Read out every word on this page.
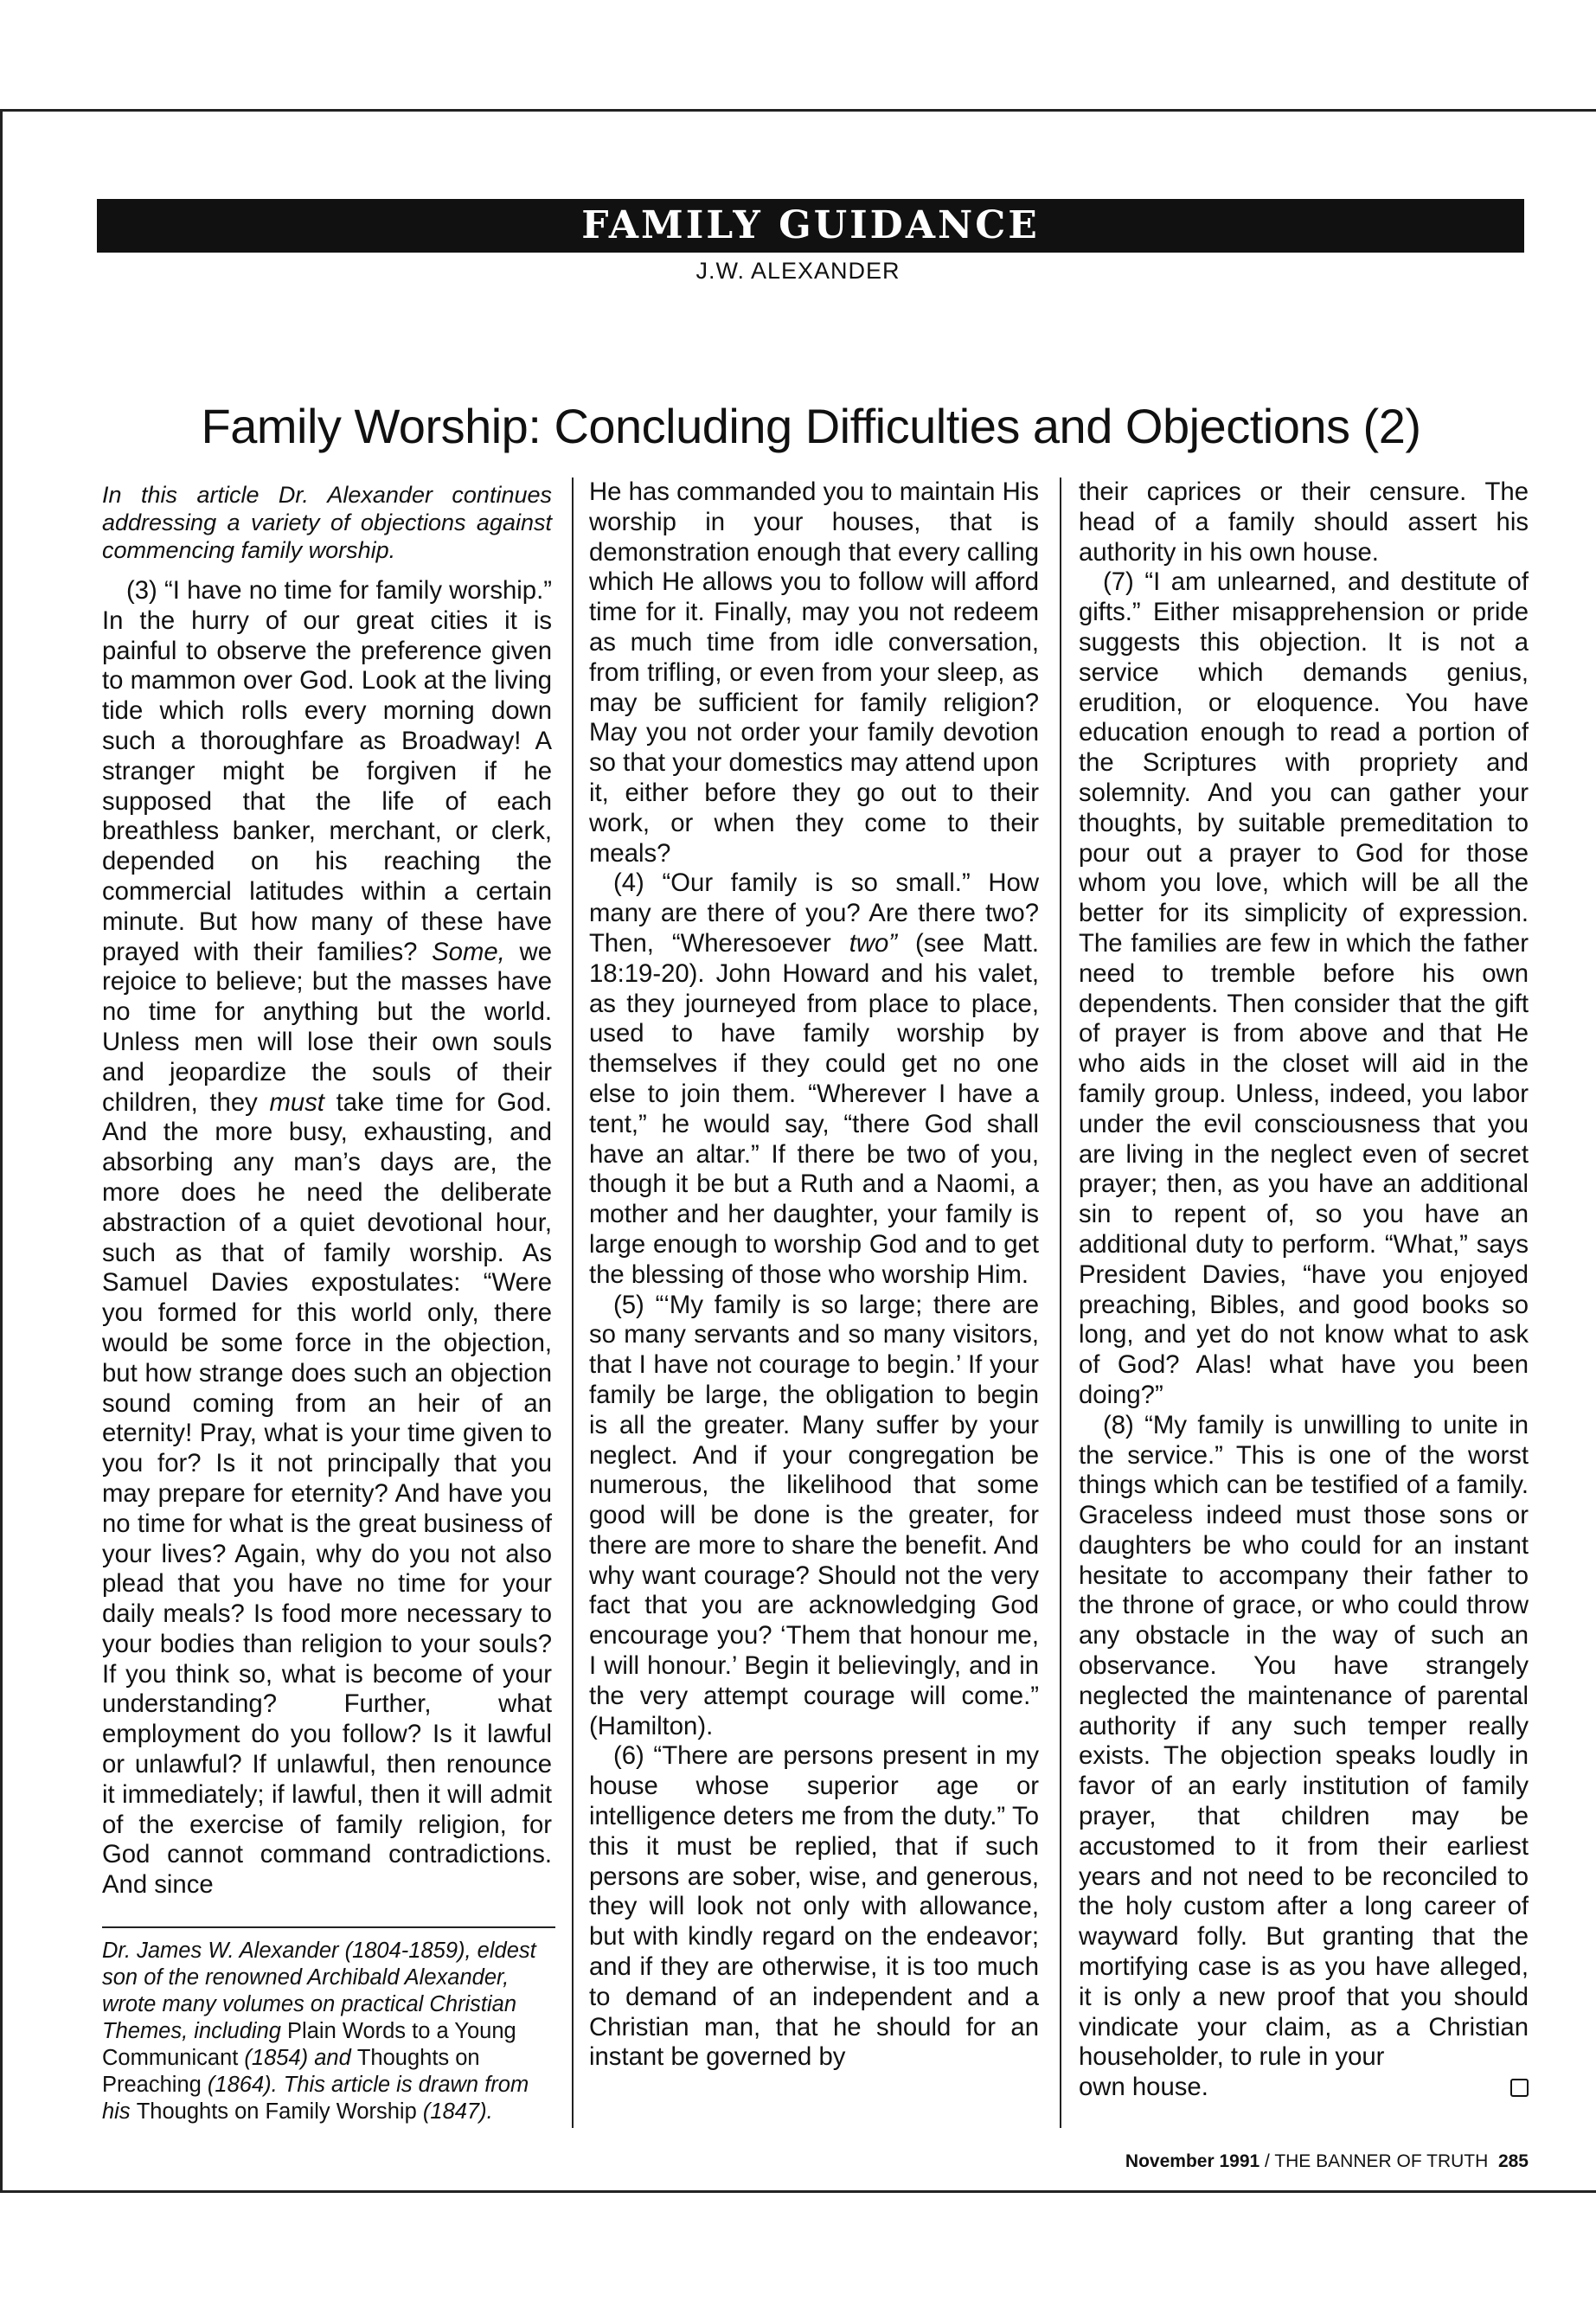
FAMILY GUIDANCE
J.W. ALEXANDER
Family Worship: Concluding Difficulties and Objections (2)

In this article Dr. Alexander continues addressing a variety of objections against commencing family worship.

(3) “I have no time for family worship.” In the hurry of our great cities it is painful to observe the preference given to mammon over God. Look at the living tide which rolls every morning down such a thoroughfare as Broadway! A stranger might be forgiven if he supposed that the life of each breathless banker, merchant, or clerk, depended on his reaching the commercial latitudes within a certain minute. But how many of these have prayed with their families? Some, we rejoice to believe; but the masses have no time for anything but the world. Unless men will lose their own souls and jeopardize the souls of their children, they must take time for God. And the more busy, exhausting, and absorbing any man’s days are, the more does he need the deliberate abstraction of a quiet devotional hour, such as that of family worship. As Samuel Davies expostulates: “Were you formed for this world only, there would be some force in the objection, but how strange does such an objection sound coming from an heir of an eternity! Pray, what is your time given to you for? Is it not principally that you may prepare for eternity? And have you no time for what is the great business of your lives? Again, why do you not also plead that you have no time for your daily meals? Is food more necessary to your bodies than religion to your souls? If you think so, what is become of your understanding? Further, what employment do you follow? Is it lawful or unlawful? If unlawful, then renounce it immediately; if lawful, then it will admit of the exercise of family religion, for God cannot command contradictions. And since

Dr. James W. Alexander (1804-1859), eldest son of the renowned Archibald Alexander, wrote many volumes on practical Christian Themes, including Plain Words to a Young Communicant (1854) and Thoughts on Preaching (1864). This article is drawn from his Thoughts on Family Worship (1847).

He has commanded you to maintain His worship in your houses, that is demonstration enough that every calling which He allows you to follow will afford time for it. Finally, may you not redeem as much time from idle conversation, from trifling, or even from your sleep, as may be sufficient for family religion? May you not order your family devotion so that your domestics may attend upon it, either before they go out to their work, or when they come to their meals?

(4) “Our family is so small.” How many are there of you? Are there two? Then, “Wheresoever two” (see Matt. 18:19-20). John Howard and his valet, as they journeyed from place to place, used to have family worship by themselves if they could get no one else to join them. “Wherever I have a tent,” he would say, “there God shall have an altar.” If there be two of you, though it be but a Ruth and a Naomi, a mother and her daughter, your family is large enough to worship God and to get the blessing of those who worship Him.

(5) “‘My family is so large; there are so many servants and so many visitors, that I have not courage to begin.’ If your family be large, the obligation to begin is all the greater. Many suffer by your neglect. And if your congregation be numerous, the likelihood that some good will be done is the greater, for there are more to share the benefit. And why want courage? Should not the very fact that you are acknowledging God encourage you? ‘Them that honour me, I will honour.’ Begin it believingly, and in the very attempt courage will come.” (Hamilton).

(6) “There are persons present in my house whose superior age or intelligence deters me from the duty.” To this it must be replied, that if such persons are sober, wise, and generous, they will look not only with allowance, but with kindly regard on the endeavor; and if they are otherwise, it is too much to demand of an independent and a Christian man, that he should for an instant be governed by

their caprices or their censure. The head of a family should assert his authority in his own house.

(7) “I am unlearned, and destitute of gifts.” Either misapprehension or pride suggests this objection. It is not a service which demands genius, erudition, or eloquence. You have education enough to read a portion of the Scriptures with propriety and solemnity. And you can gather your thoughts, by suitable premeditation to pour out a prayer to God for those whom you love, which will be all the better for its simplicity of expression. The families are few in which the father need to tremble before his own dependents. Then consider that the gift of prayer is from above and that He who aids in the closet will aid in the family group. Unless, indeed, you labor under the evil consciousness that you are living in the neglect even of secret prayer; then, as you have an additional sin to repent of, so you have an additional duty to perform. “What,” says President Davies, “have you enjoyed preaching, Bibles, and good books so long, and yet do not know what to ask of God? Alas! what have you been doing?”

(8) “My family is unwilling to unite in the service.” This is one of the worst things which can be testified of a family. Graceless indeed must those sons or daughters be who could for an instant hesitate to accompany their father to the throne of grace, or who could throw any obstacle in the way of such an observance. You have strangely neglected the maintenance of parental authority if any such temper really exists. The objection speaks loudly in favor of an early institution of family prayer, that children may be accustomed to it from their earliest years and not need to be reconciled to the holy custom after a long career of wayward folly. But granting that the mortifying case is as you have alleged, it is only a new proof that you should vindicate your claim, as a Christian householder, to rule in your

own house.
November 1991 / THE BANNER OF TRUTH 285
